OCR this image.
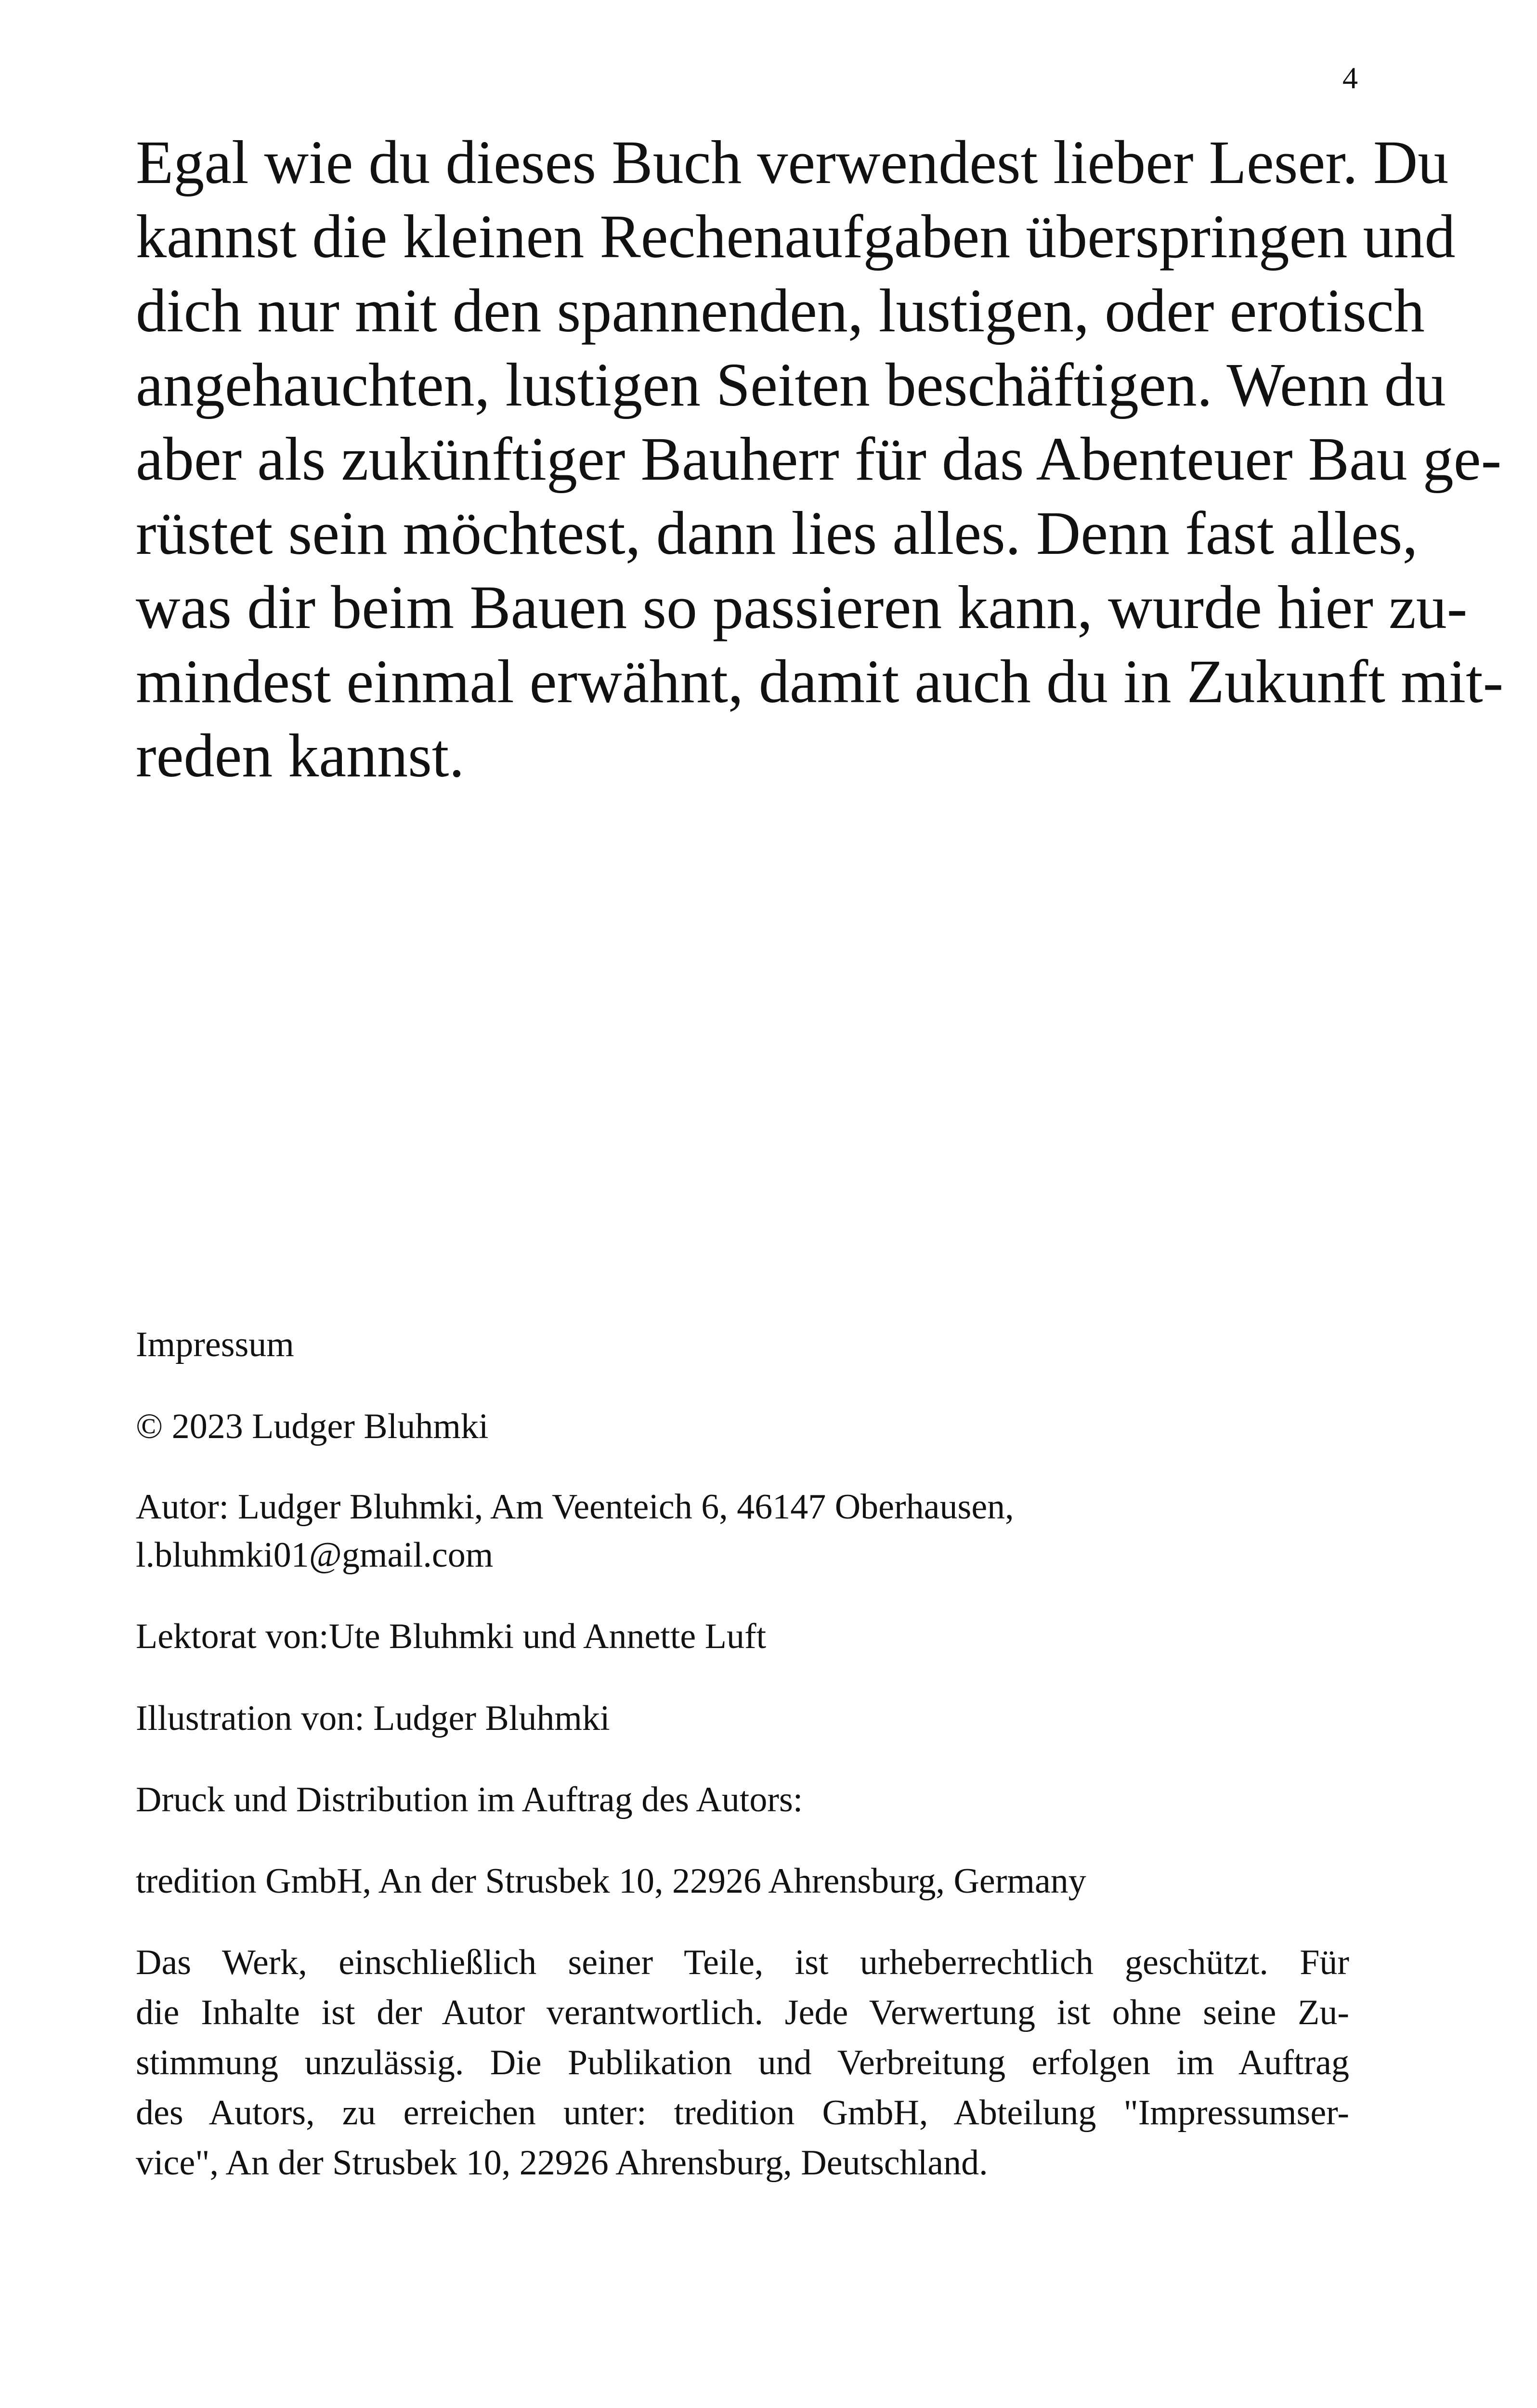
4
Egal wie du dieses Buch verwendest lieber Leser. Du
kannst die kleinen Rechenaufgaben überspringen und
dich nur mit den spannenden, lustigen, oder erotisch
angehauchten, lustigen Seiten beschäftigen. Wenn du
aber als zukünftiger Bauherr für das Abenteuer Bau ge-
rüstet sein möchtest, dann lies alles. Denn fast alles,
was dir beim Bauen so passieren kann, wurde hier zu-
mindest einmal erwähnt, damit auch du in Zukunft mit-
reden kannst.
Impressum
© 2023 Ludger Bluhmki
Autor: Ludger Bluhmki, Am Veenteich 6, 46147 Oberhausen,
l.bluhmki01@gmail.com
Lektorat von:Ute Bluhmki und Annette Luft
Illustration von: Ludger Bluhmki
Druck und Distribution im Auftrag des Autors:
tredition GmbH, An der Strusbek 10, 22926 Ahrensburg, Germany
Das Werk, einschließlich seiner Teile, ist urheberrechtlich geschützt. Für
die Inhalte ist der Autor verantwortlich. Jede Verwertung ist ohne seine Zu-
stimmung unzulässig. Die Publikation und Verbreitung erfolgen im Auftrag
des Autors, zu erreichen unter: tredition GmbH, Abteilung "Impressumser-
vice", An der Strusbek 10, 22926 Ahrensburg, Deutschland.
